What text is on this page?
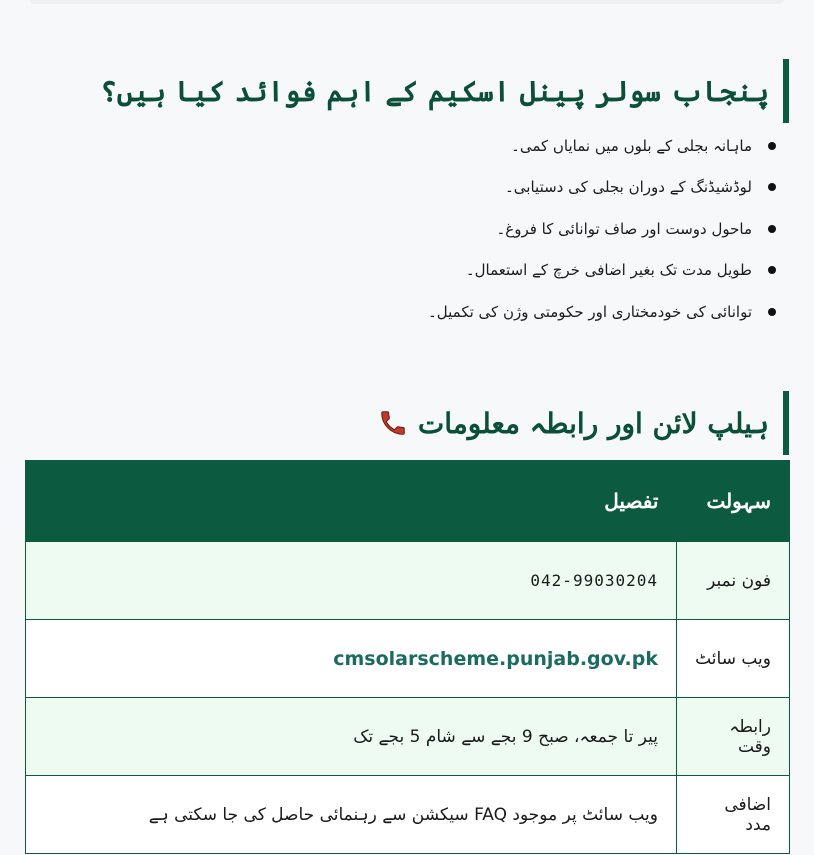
پنجاب سولر پینل اسکیم کے اہم فوائد کیا ہیں؟
ماہانہ بجلی کے بلوں میں نمایاں کمی۔
لوڈشیڈنگ کے دوران بجلی کی دستیابی۔
ماحول دوست اور صاف توانائی کا فروغ۔
طویل مدت تک بغیر اضافی خرچ کے استعمال۔
توانائی کی خودمختاری اور حکومتی وژن کی تکمیل۔
ہیلپ لائن اور رابطہ معلومات
سہولت	تفصیل
فون نمبر	042-99030204
ویب سائٹ	cmsolarscheme.punjab.gov.pk
رابطہ وقت	پیر تا جمعہ، صبح 9 بجے سے شام 5 بجے تک
اضافی مدد	ویب سائٹ پر موجود FAQ سیکشن سے رہنمائی حاصل کی جا سکتی ہے
